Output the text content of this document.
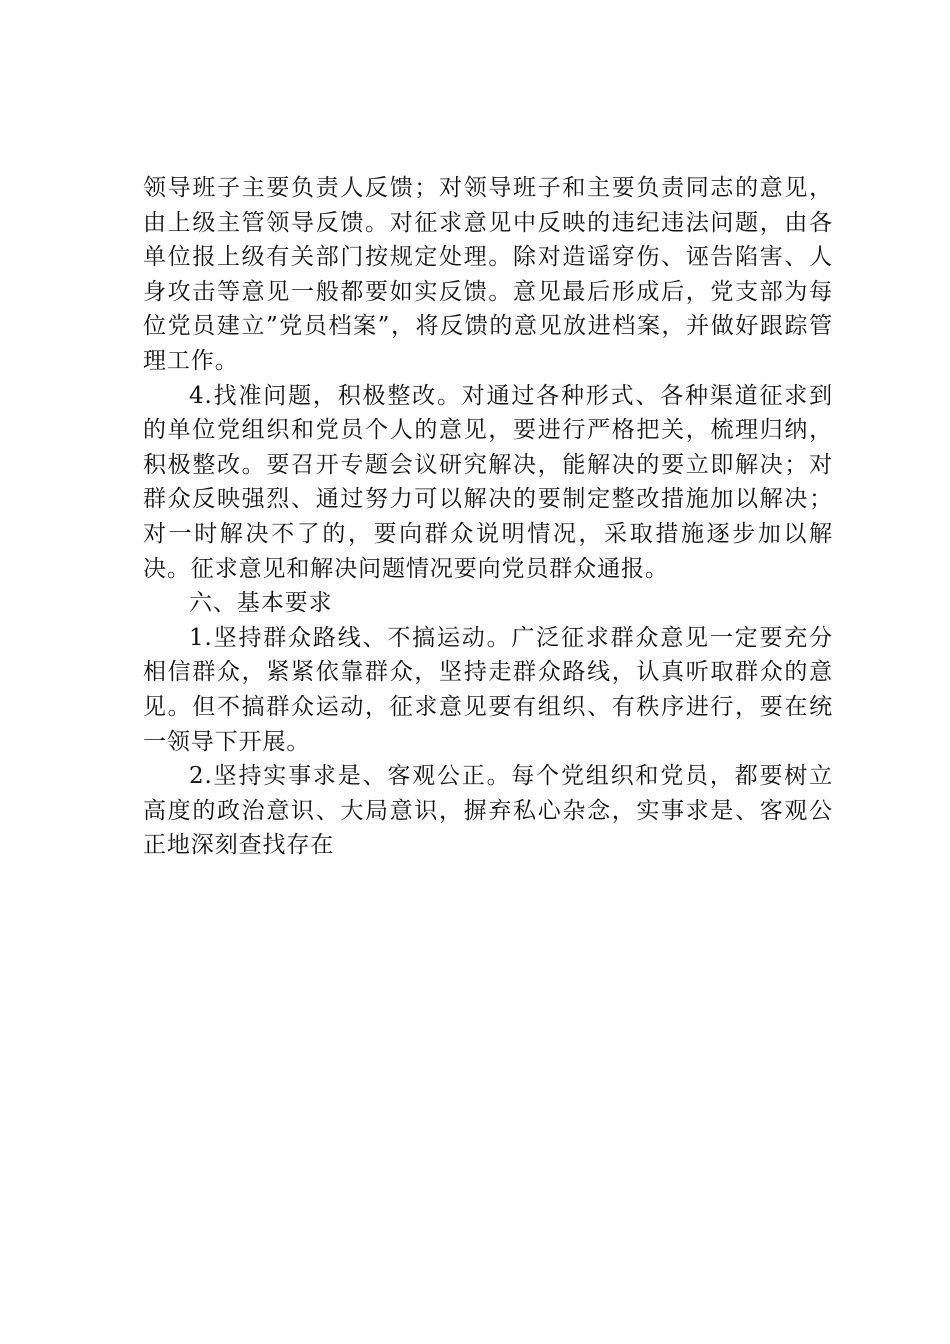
领导班子主要负责人反馈；对领导班子和主要负责同志的意见，由上级主管领导反馈。对征求意见中反映的违纪违法问题，由各单位报上级有关部门按规定处理。除对造谣穿伤、诬告陷害、人身攻击等意见一般都要如实反馈。意见最后形成后，党支部为每位党员建立”党员档案”，将反馈的意见放进档案，并做好跟踪管理工作。

4.找准问题，积极整改。对通过各种形式、各种渠道征求到的单位党组织和党员个人的意见，要进行严格把关，梳理归纳，积极整改。要召开专题会议研究解决，能解决的要立即解决；对群众反映强烈、通过努力可以解决的要制定整改措施加以解决；对一时解决不了的，要向群众说明情况，采取措施逐步加以解决。征求意见和解决问题情况要向党员群众通报。

六、基本要求

1.坚持群众路线、不搞运动。广泛征求群众意见一定要充分相信群众，紧紧依靠群众，坚持走群众路线，认真听取群众的意见。但不搞群众运动，征求意见要有组织、有秩序进行，要在统一领导下开展。

2.坚持实事求是、客观公正。每个党组织和党员，都要树立高度的政治意识、大局意识，摒弃私心杂念，实事求是、客观公正地深刻查找存在
